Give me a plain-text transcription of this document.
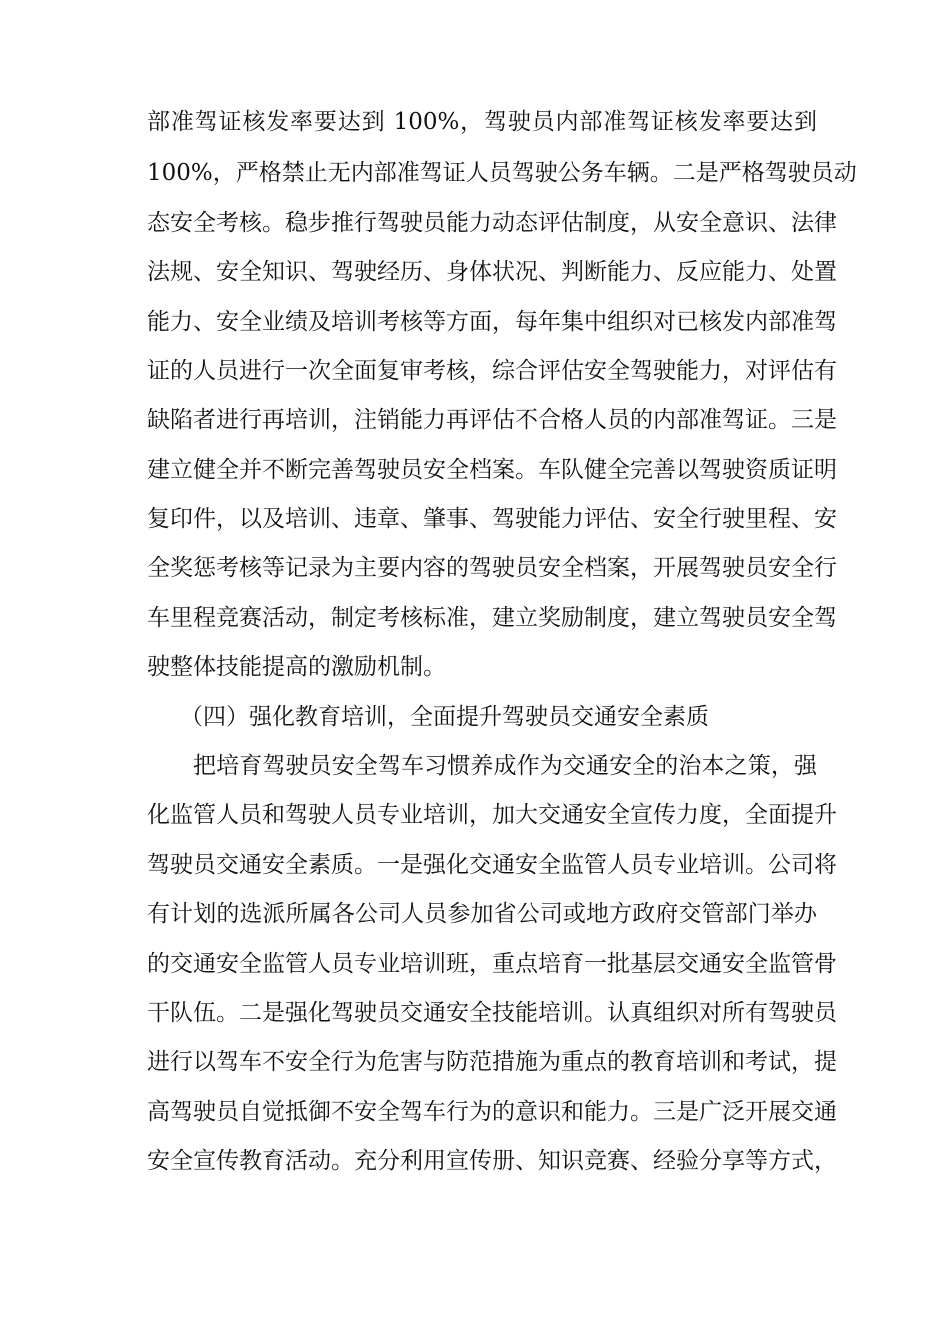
部准驾证核发率要达到 100%，驾驶员内部准驾证核发率要达到

100%，严格禁止无内部准驾证人员驾驶公务车辆。二是严格驾驶员动

态安全考核。稳步推行驾驶员能力动态评估制度，从安全意识、法律

法规、安全知识、驾驶经历、身体状况、判断能力、反应能力、处置

能力、安全业绩及培训考核等方面，每年集中组织对已核发内部准驾

证的人员进行一次全面复审考核，综合评估安全驾驶能力，对评估有

缺陷者进行再培训，注销能力再评估不合格人员的内部准驾证。三是

建立健全并不断完善驾驶员安全档案。车队健全完善以驾驶资质证明

复印件，以及培训、违章、肇事、驾驶能力评估、安全行驶里程、安

全奖惩考核等记录为主要内容的驾驶员安全档案，开展驾驶员安全行

车里程竞赛活动，制定考核标准，建立奖励制度，建立驾驶员安全驾

驶整体技能提高的激励机制。

（四）强化教育培训，全面提升驾驶员交通安全素质

把培育驾驶员安全驾车习惯养成作为交通安全的治本之策，强

化监管人员和驾驶人员专业培训，加大交通安全宣传力度，全面提升

驾驶员交通安全素质。一是强化交通安全监管人员专业培训。公司将

有计划的选派所属各公司人员参加省公司或地方政府交管部门举办

的交通安全监管人员专业培训班，重点培育一批基层交通安全监管骨

干队伍。二是强化驾驶员交通安全技能培训。认真组织对所有驾驶员

进行以驾车不安全行为危害与防范措施为重点的教育培训和考试，提

高驾驶员自觉抵御不安全驾车行为的意识和能力。三是广泛开展交通

安全宣传教育活动。充分利用宣传册、知识竞赛、经验分享等方式，
